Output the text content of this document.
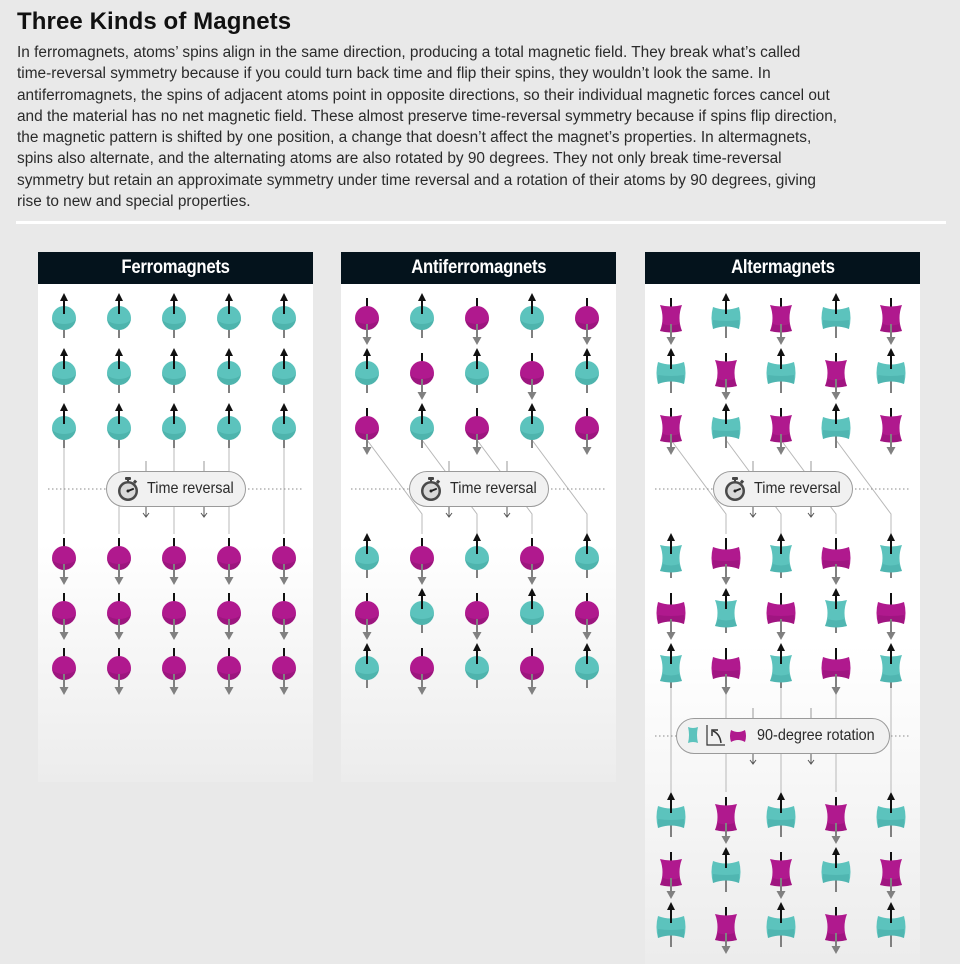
Three Kinds of Magnets
In ferromagnets, atoms’ spins align in the same direction, producing a total magnetic field. They break what’s called
time-reversal symmetry because if you could turn back time and flip their spins, they wouldn’t look the same. In
antiferromagnets, the spins of adjacent atoms point in opposite directions, so their individual magnetic forces cancel out
and the material has no net magnetic field. These almost preserve time-reversal symmetry because if spins flip direction,
the magnetic pattern is shifted by one position, a change that doesn’t affect the magnet’s properties. In altermagnets,
spins also alternate, and the alternating atoms are also rotated by 90 degrees. They not only break time-reversal
symmetry but retain an approximate symmetry under time reversal and a rotation of their atoms by 90 degrees, giving
rise to new and special properties.
Ferromagnets
Time reversal
Antiferromagnets
Time reversal
Altermagnets
Time reversal
90-degree rotation
